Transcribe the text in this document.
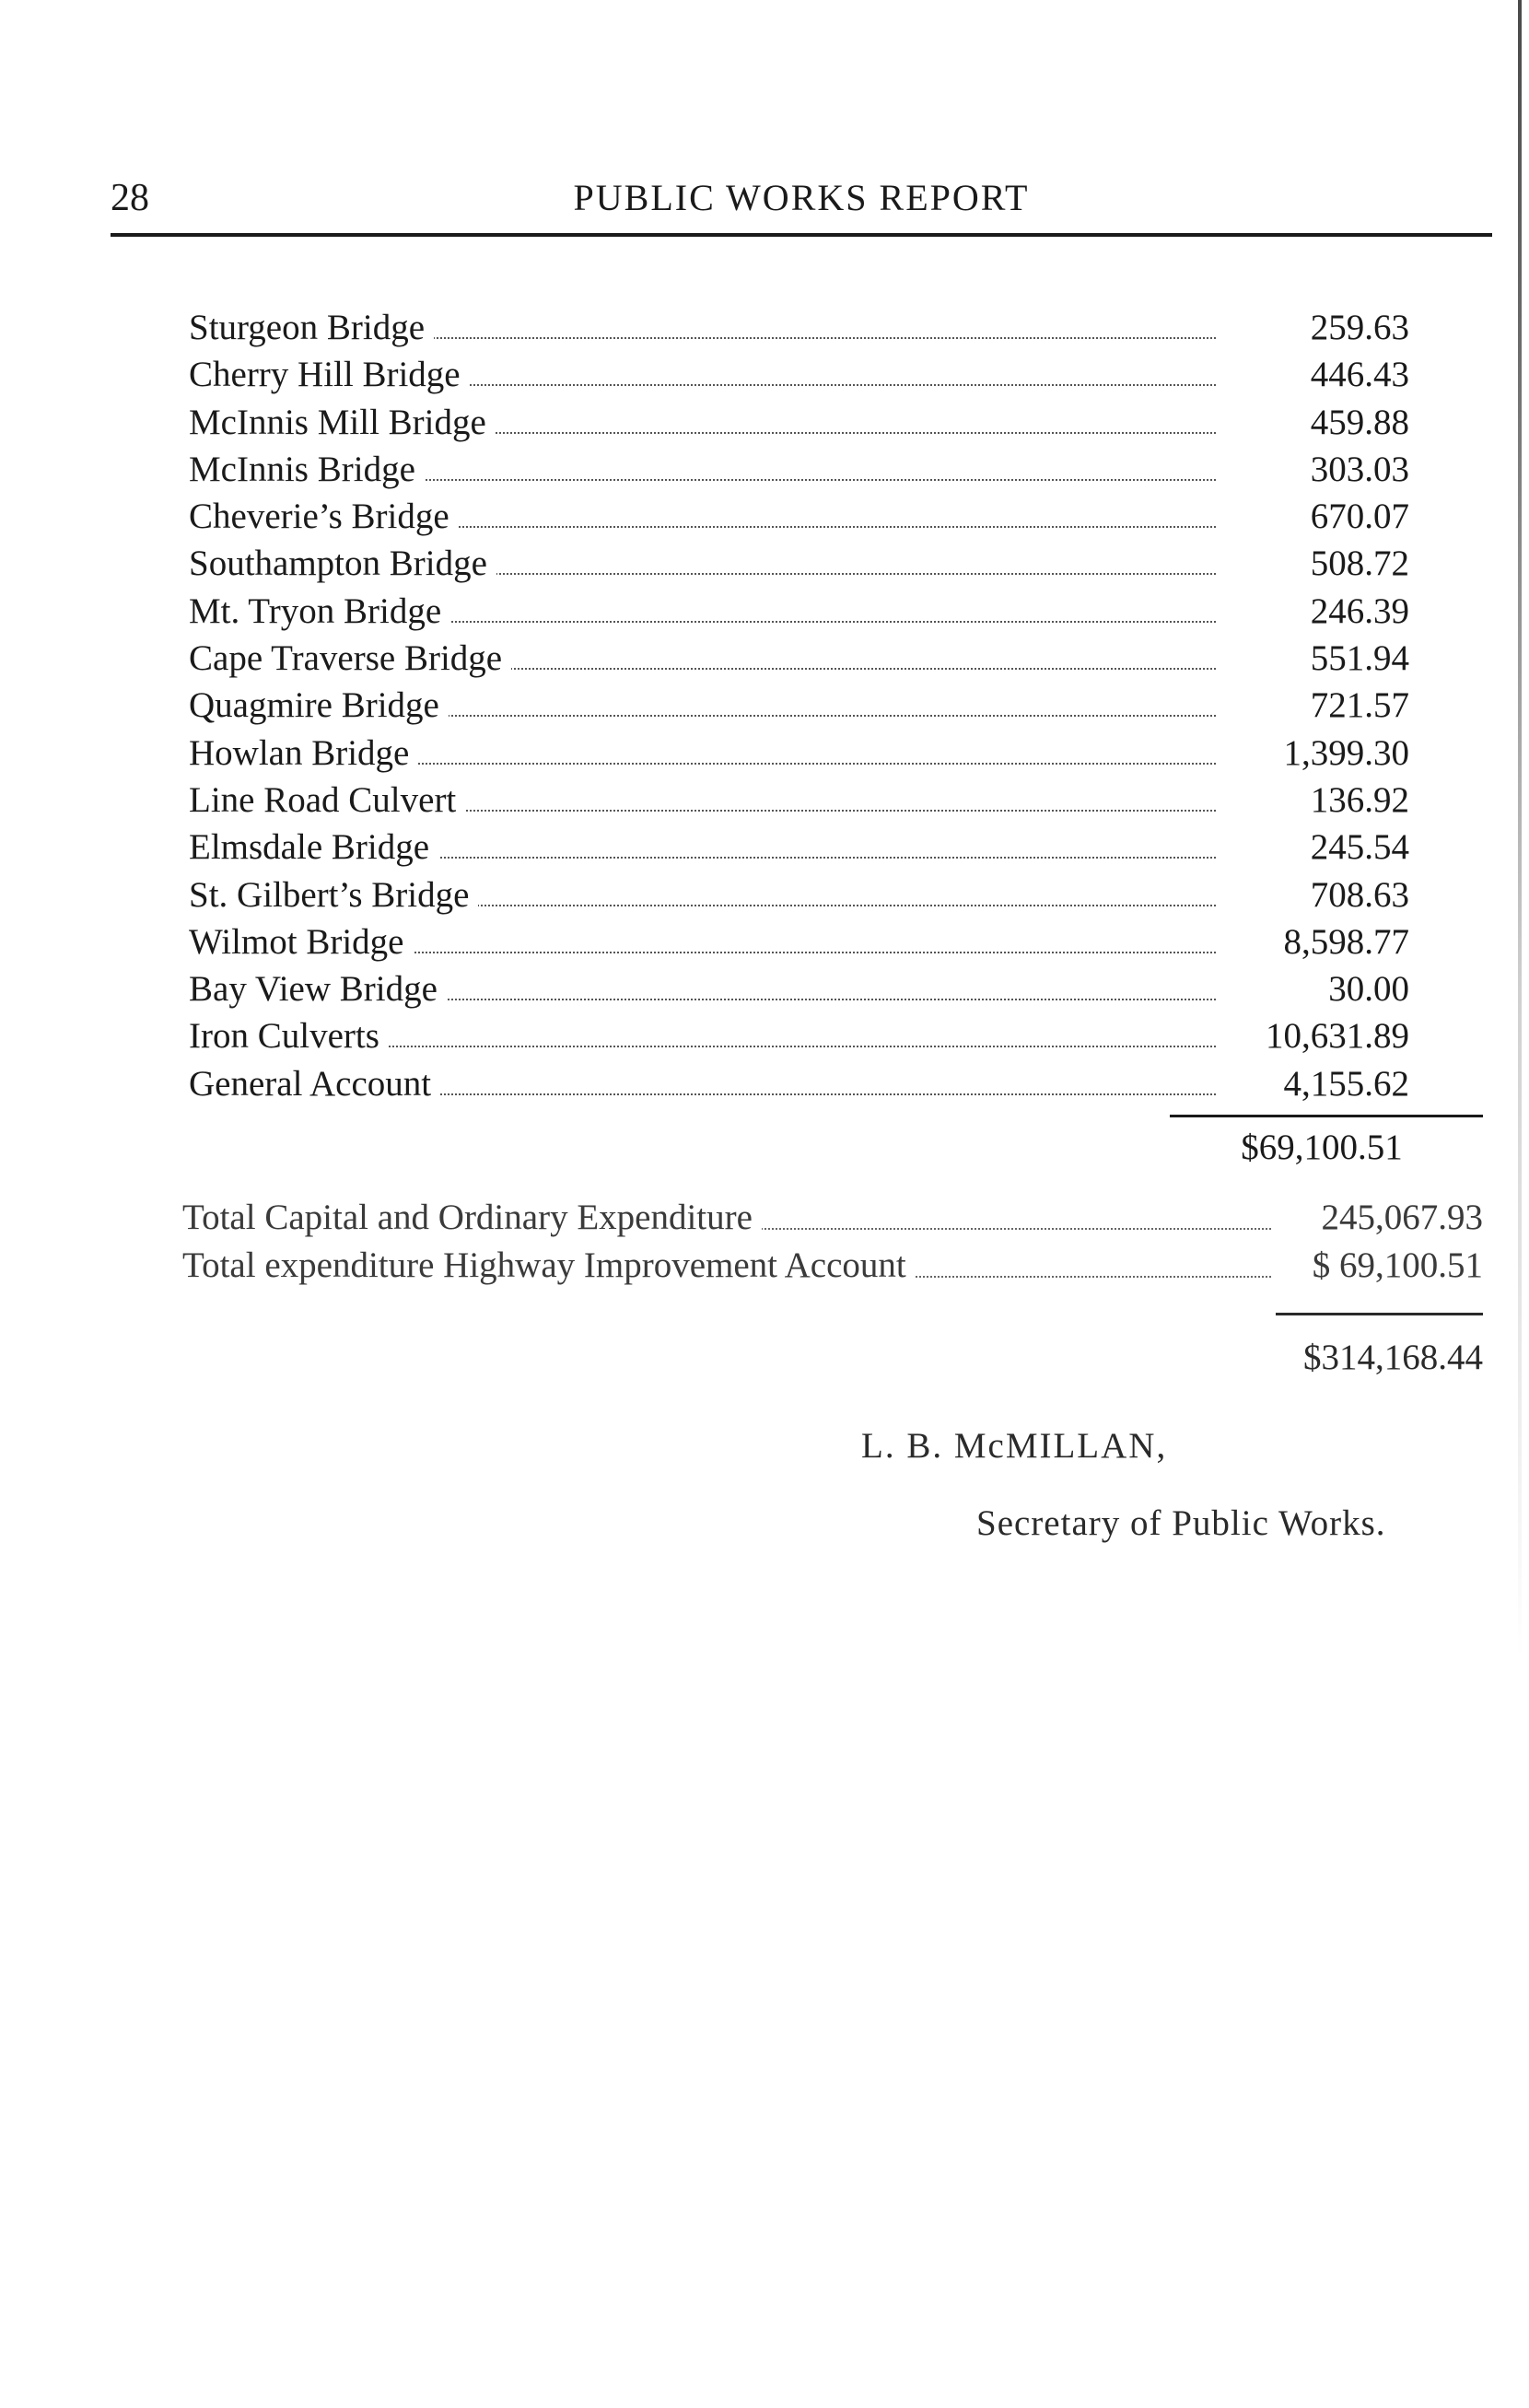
28	PUBLIC WORKS REPORT
Sturgeon Bridge	259.63
Cherry Hill Bridge	446.43
McInnis Mill Bridge	459.88
McInnis Bridge	303.03
Cheverie’s Bridge	670.07
Southampton Bridge	508.72
Mt. Tryon Bridge	246.39
Cape Traverse Bridge	551.94
Quagmire Bridge	721.57
Howlan Bridge	1,399.30
Line Road Culvert	136.92
Elmsdale Bridge	245.54
St. Gilbert’s Bridge	708.63
Wilmot Bridge	8,598.77
Bay View Bridge	30.00
Iron Culverts	10,631.89
General Account	4,155.62
$69,100.51
Total Capital and Ordinary Expenditure	245,067.93
Total expenditure Highway Improvement Account	$ 69,100.51
$314,168.44
L. B. McMILLAN,
Secretary of Public Works.
